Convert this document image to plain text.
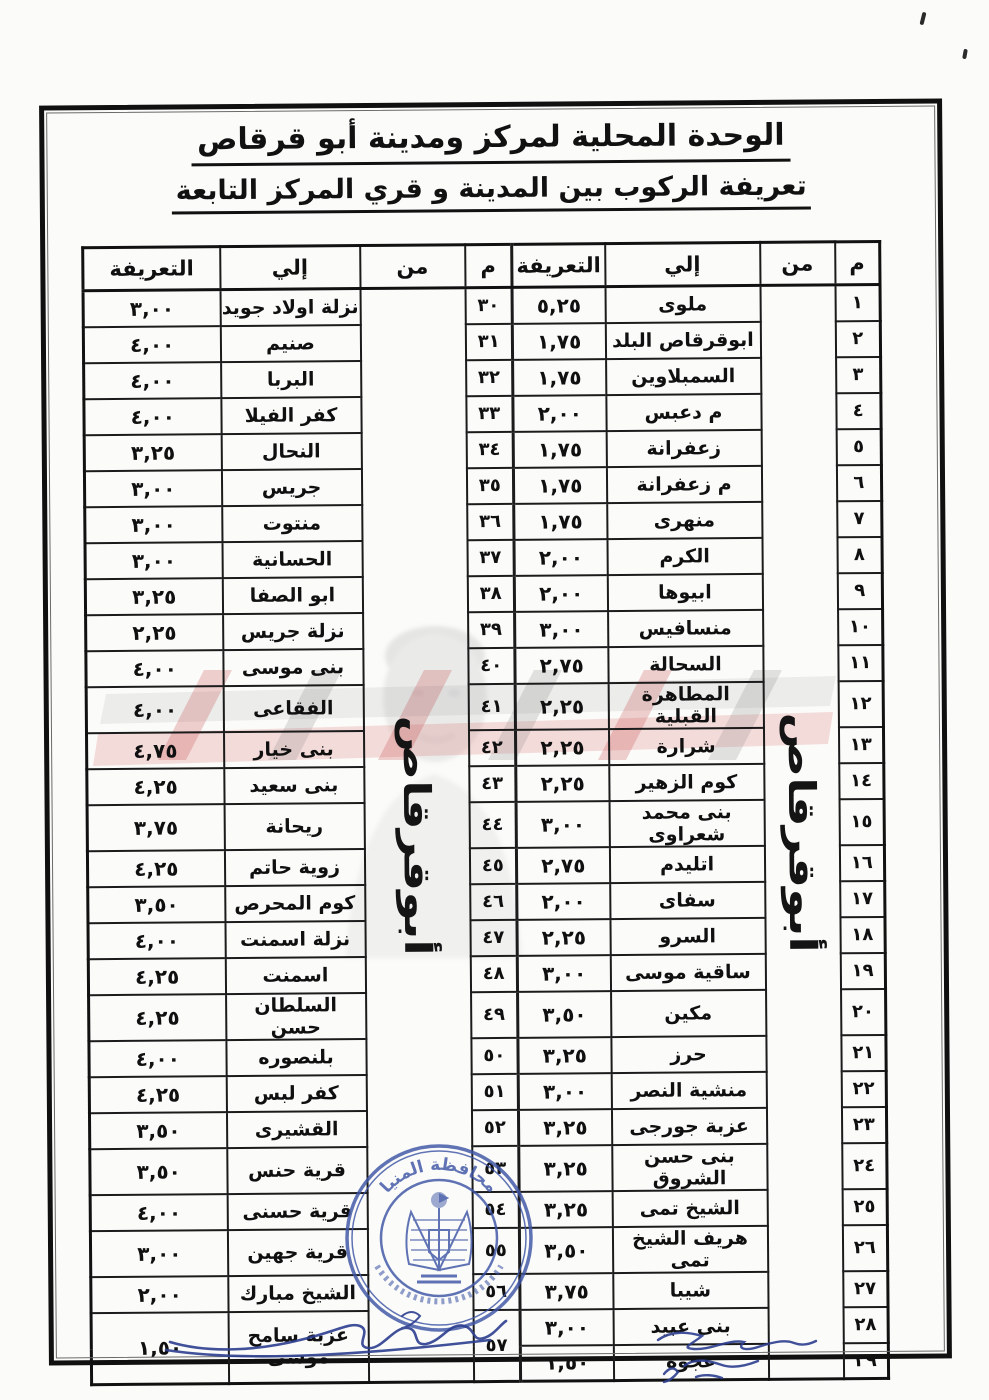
الوحدة المحلية لمركز ومدينة أبو قرقاص
تعريفة الركوب بين المدينة و قري المركز التابعة
م	من	إلي	التعريفة	م	من	إلي	التعريفة
١	أبوقرقاص	ملوى	٥,٢٥	٣٠	أبوقرقاص	نزلة اولاد جويد	٣,٠٠
٢		ابوقرقاص البلد	١,٧٥	٣١		صنيم	٤,٠٠
٣		السمبلاوين	١,٧٥	٣٢		البربا	٤,٠٠
٤		م دعبس	٢,٠٠	٣٣		كفر الفيلا	٤,٠٠
٥		زعفرانة	١,٧٥	٣٤		النحال	٣,٢٥
٦		م زعفرانة	١,٧٥	٣٥		جريس	٣,٠٠
٧		منهرى	١,٧٥	٣٦		منتوت	٣,٠٠
٨		الكرم	٢,٠٠	٣٧		الحسانية	٣,٠٠
٩		ابيوها	٢,٠٠	٣٨		ابو الصفا	٣,٢٥
١٠		منسافيس	٣,٠٠	٣٩		نزلة جريس	٢,٢٥
١١		السحالة	٢,٧٥	٤٠		بنى موسى	٤,٠٠
١٢		المطاهرة القبلية	٢,٢٥	٤١		الفقاعى	٤,٠٠
١٣		شرارة	٢,٢٥	٤٢		بنى خيار	٤,٧٥
١٤		كوم الزهير	٢,٢٥	٤٣		بنى سعيد	٤,٢٥
١٥		بنى محمد شعراوى	٣,٠٠	٤٤		ريحانة	٣,٧٥
١٦		اتليدم	٢,٧٥	٤٥		زوية حاتم	٤,٢٥
١٧		سفاى	٢,٠٠	٤٦		كوم المحرص	٣,٥٠
١٨		السرو	٢,٢٥	٤٧		نزلة اسمنت	٤,٠٠
١٩		ساقية موسى	٣,٠٠	٤٨		اسمنت	٤,٢٥
٢٠		مكين	٣,٥٠	٤٩		السلطان حسن	٤,٢٥
٢١		حرز	٣,٢٥	٥٠		بلنصوره	٤,٠٠
٢٢		منشية النصر	٣,٠٠	٥١		كفر لبس	٤,٢٥
٢٣		عزبة جورجى	٣,٢٥	٥٢		القشيرى	٣,٥٠
٢٤		بنى حسن الشروق	٣,٢٥	٥٣		قرية حنس	٣,٥٠
٢٥		الشيخ تمى	٣,٢٥	٥٤		قرية حسنى	٤,٠٠
٢٦		هريف الشيخ تمى	٣,٥٠	٥٥		قرية جهين	٣,٠٠
٢٧		شيبا	٣,٧٥	٥٦		الشيخ مبارك	٢,٠٠
٢٨		بنى عبيد	٣,٠٠	٥٧		عزبة سامح موسى	١,٥٠
٢٩		عجوه	١,٥٠				
محافظة المنيا
